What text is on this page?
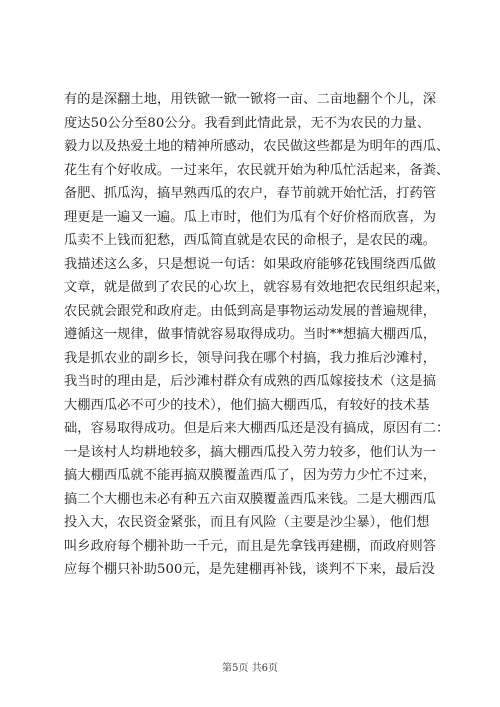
有的是深翻土地，用铁锨一锨一锨将一亩、二亩地翻个个儿，深
度达50公分至80公分。我看到此情此景，无不为农民的力量、
毅力以及热爱土地的精神所感动，农民做这些都是为明年的西瓜、
花生有个好收成。一过来年，农民就开始为种瓜忙活起来，备粪、
备肥、抓瓜沟，搞早熟西瓜的农户，春节前就开始忙活，打药管
理更是一遍又一遍。瓜上市时，他们为瓜有个好价格而欣喜，为
瓜卖不上钱而犯愁，西瓜简直就是农民的命根子，是农民的魂。
我描述这么多，只是想说一句话：如果政府能够花钱围绕西瓜做
文章，就是做到了农民的心坎上，就容易有效地把农民组织起来，
农民就会跟党和政府走。由低到高是事物运动发展的普遍规律，
遵循这一规律，做事情就容易取得成功。当时**想搞大棚西瓜，
我是抓农业的副乡长，领导问我在哪个村搞，我力推后沙滩村，
我当时的理由是，后沙滩村群众有成熟的西瓜嫁接技术（这是搞
大棚西瓜必不可少的技术），他们搞大棚西瓜，有较好的技术基
础，容易取得成功。但是后来大棚西瓜还是没有搞成，原因有二：
一是该村人均耕地较多，搞大棚西瓜投入劳力较多，他们认为一
搞大棚西瓜就不能再搞双膜覆盖西瓜了，因为劳力少忙不过来，
搞二个大棚也未必有种五六亩双膜覆盖西瓜来钱。二是大棚西瓜
投入大，农民资金紧张，而且有风险（主要是沙尘暴），他们想
叫乡政府每个棚补助一千元，而且是先拿钱再建棚，而政府则答
应每个棚只补助500元，是先建棚再补钱，谈判不下来，最后没
第5页 共6页
